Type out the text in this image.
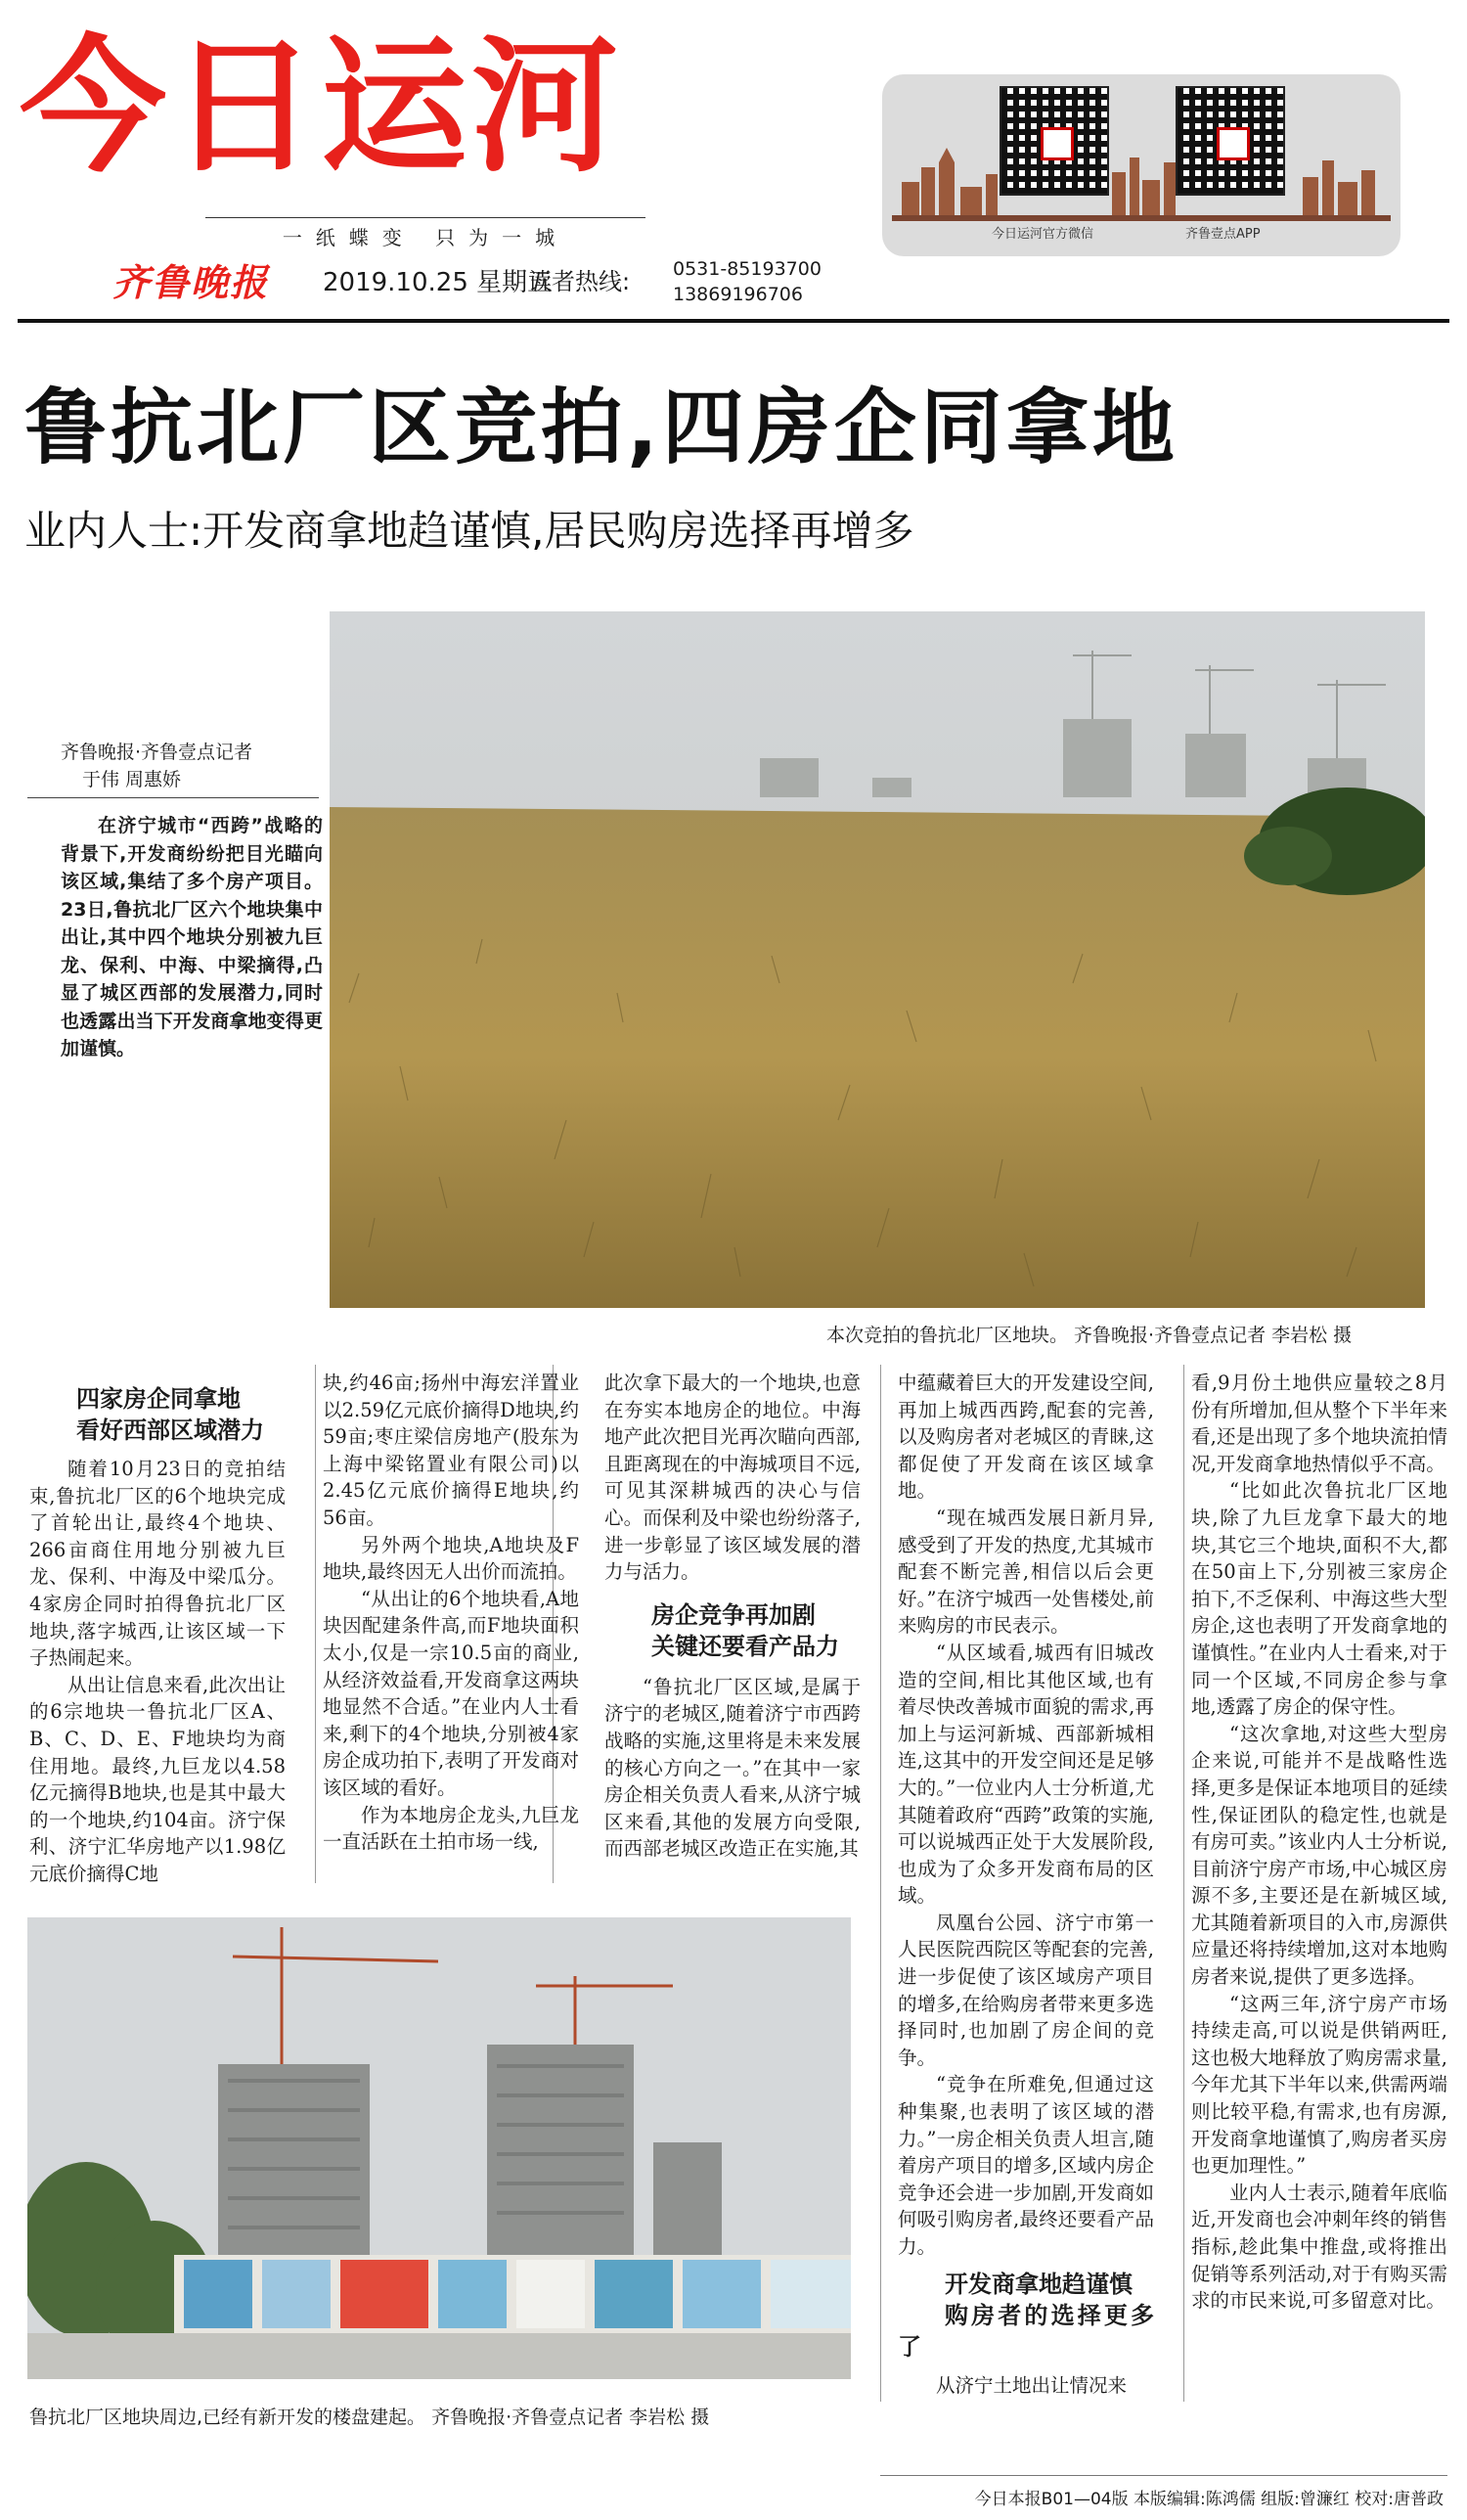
今日运河
一纸蝶变 只为一城
齐鲁晚报 2019.10.25 星期五
读者热线: 0531-85193700
13869196706
今日运河官方微信	齐鲁壹点APP
鲁抗北厂区竞拍,四房企同拿地
业内人士:开发商拿地趋谨慎,居民购房选择再增多
齐鲁晚报·齐鲁壹点记者
于伟 周惠娇
在济宁城市“西跨”战略的背景下,开发商纷纷把目光瞄向该区域,集结了多个房产项目。23日,鲁抗北厂区六个地块集中出让,其中四个地块分别被九巨龙、保利、中海、中梁摘得,凸显了城区西部的发展潜力,同时也透露出当下开发商拿地变得更加谨慎。
本次竞拍的鲁抗北厂区地块。 齐鲁晚报·齐鲁壹点记者 李岩松 摄

四家房企同拿地

看好西部区域潜力

随着10月23日的竞拍结束,鲁抗北厂区的6个地块完成了首轮出让,最终4个地块、266亩商住用地分别被九巨龙、保利、中海及中梁瓜分。4家房企同时拍得鲁抗北厂区地块,落字城西,让该区域一下子热闹起来。

从出让信息来看,此次出让的6宗地块一鲁抗北厂区A、B、C、D、E、F地块均为商住用地。最终,九巨龙以4.58亿元摘得B地块,也是其中最大的一个地块,约104亩。济宁保利、济宁汇华房地产以1.98亿元底价摘得C地

块,约46亩;扬州中海宏洋置业以2.59亿元底价摘得D地块,约59亩;枣庄梁信房地产(股东为上海中梁铭置业有限公司)以2.45亿元底价摘得E地块,约56亩。

另外两个地块,A地块及F地块,最终因无人出价而流拍。

“从出让的6个地块看,A地块因配建条件高,而F地块面积太小,仅是一宗10.5亩的商业,从经济效益看,开发商拿这两块地显然不合适。”在业内人士看来,剩下的4个地块,分别被4家房企成功拍下,表明了开发商对该区域的看好。

作为本地房企龙头,九巨龙一直活跃在土拍市场一线,

此次拿下最大的一个地块,也意在夯实本地房企的地位。中海地产此次把目光再次瞄向西部,且距离现在的中海城项目不远,可见其深耕城西的决心与信心。而保利及中梁也纷纷落子,进一步彰显了该区域发展的潜力与活力。

房企竞争再加剧

关键还要看产品力

“鲁抗北厂区区域,是属于济宁的老城区,随着济宁市西跨战略的实施,这里将是未来发展的核心方向之一。”在其中一家房企相关负责人看来,从济宁城区来看,其他的发展方向受限,而西部老城区改造正在实施,其

中蕴藏着巨大的开发建设空间,再加上城西西跨,配套的完善,以及购房者对老城区的青睐,这都促使了开发商在该区域拿地。

“现在城西发展日新月异,感受到了开发的热度,尤其城市配套不断完善,相信以后会更好。”在济宁城西一处售楼处,前来购房的市民表示。

“从区域看,城西有旧城改造的空间,相比其他区域,也有着尽快改善城市面貌的需求,再加上与运河新城、西部新城相连,这其中的开发空间还是足够大的。”一位业内人士分析道,尤其随着政府“西跨”政策的实施,可以说城西正处于大发展阶段,也成为了众多开发商布局的区域。

凤凰台公园、济宁市第一人民医院西院区等配套的完善,进一步促使了该区域房产项目的增多,在给购房者带来更多选择同时,也加剧了房企间的竞争。

“竞争在所难免,但通过这种集聚,也表明了该区域的潜力。”一房企相关负责人坦言,随着房产项目的增多,区域内房企竞争还会进一步加剧,开发商如何吸引购房者,最终还要看产品力。

开发商拿地趋谨慎

购房者的选择更多了

从济宁土地出让情况来

看,9月份土地供应量较之8月份有所增加,但从整个下半年来看,还是出现了多个地块流拍情况,开发商拿地热情似乎不高。

“比如此次鲁抗北厂区地块,除了九巨龙拿下最大的地块,其它三个地块,面积不大,都在50亩上下,分别被三家房企拍下,不乏保利、中海这些大型房企,这也表明了开发商拿地的谨慎性。”在业内人士看来,对于同一个区域,不同房企参与拿地,透露了房企的保守性。

“这次拿地,对这些大型房企来说,可能并不是战略性选择,更多是保证本地项目的延续性,保证团队的稳定性,也就是有房可卖。”该业内人士分析说,目前济宁房产市场,中心城区房源不多,主要还是在新城区域,尤其随着新项目的入市,房源供应量还将持续增加,这对本地购房者来说,提供了更多选择。

“这两三年,济宁房产市场持续走高,可以说是供销两旺,这也极大地释放了购房需求量,今年尤其下半年以来,供需两端则比较平稳,有需求,也有房源,开发商拿地谨慎了,购房者买房也更加理性。”

业内人士表示,随着年底临近,开发商也会冲刺年终的销售指标,趁此集中推盘,或将推出促销等系列活动,对于有购买需求的市民来说,可多留意对比。

鲁抗北厂区地块周边,已经有新开发的楼盘建起。 齐鲁晚报·齐鲁壹点记者 李岩松 摄
今日本报B01—04版 本版编辑:陈鸿儒 组版:曾濂红 校对:唐普政
